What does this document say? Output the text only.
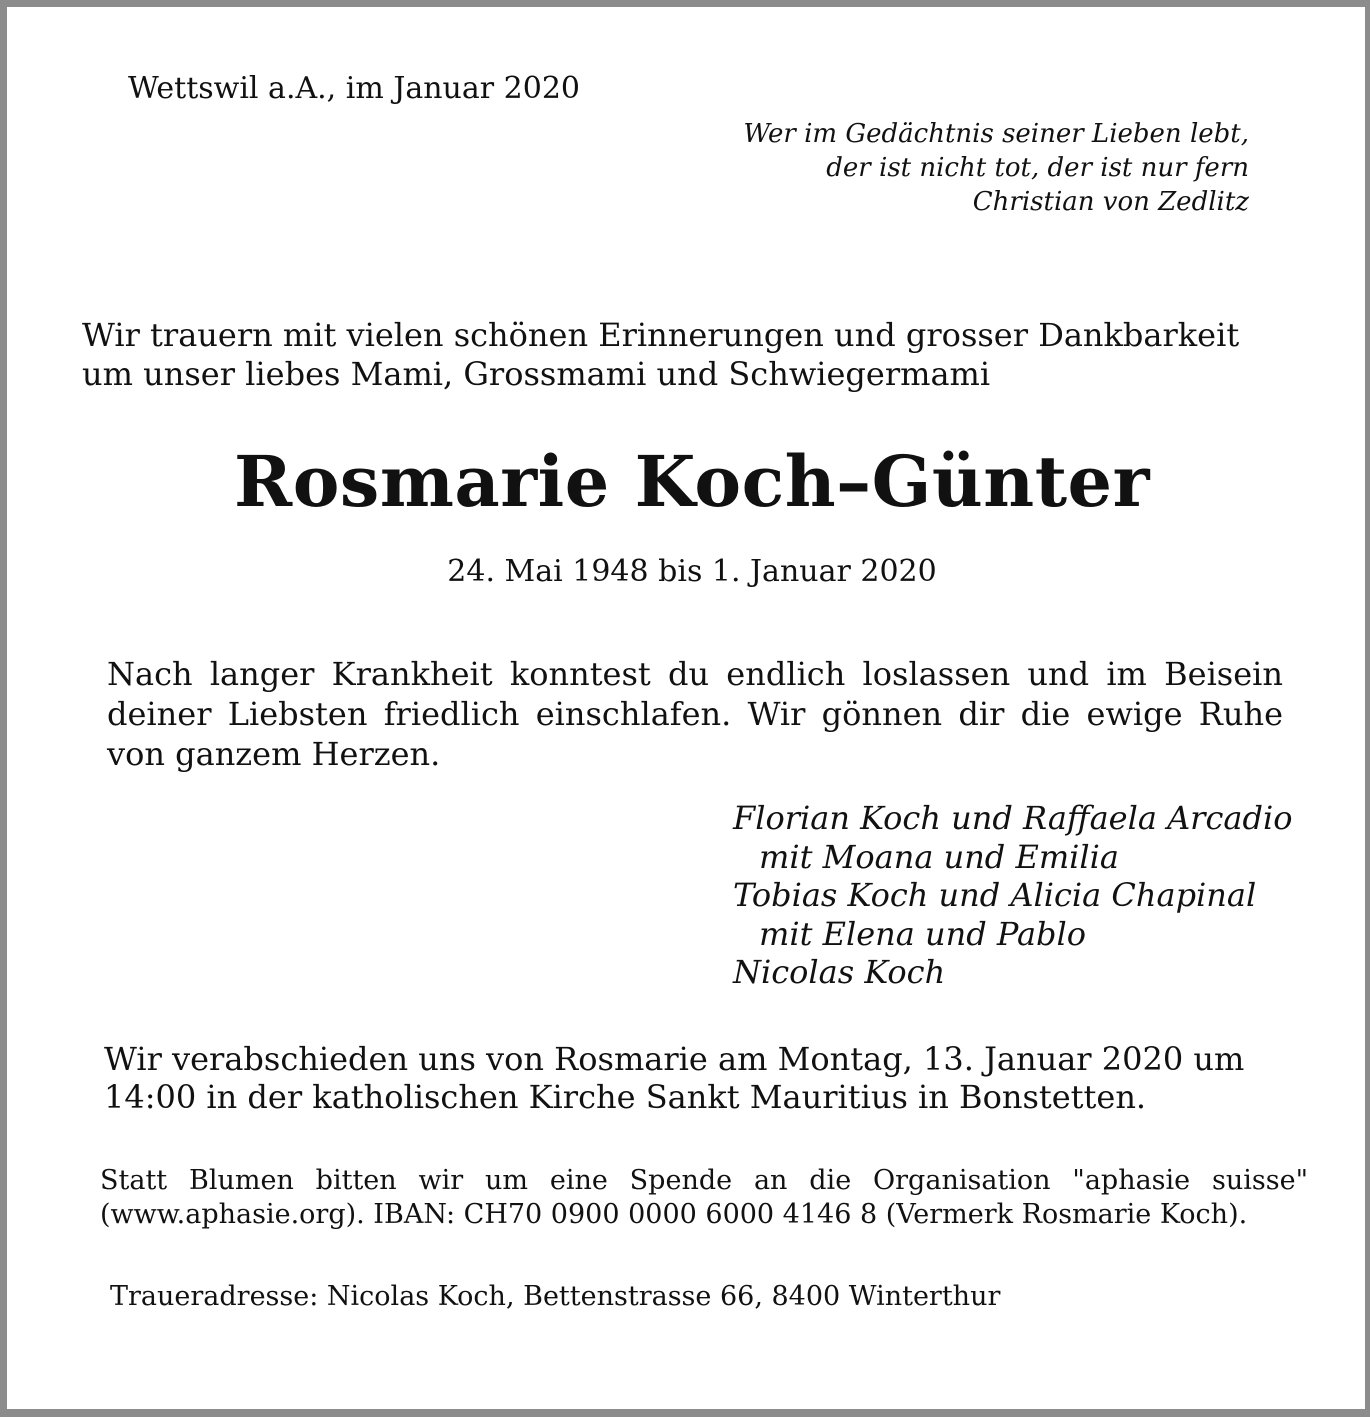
Wettswil a.A., im Januar 2020

Wer im Gedächtnis seiner Lieben lebt,
der ist nicht tot, der ist nur fern
Christian von Zedlitz
Wir trauern mit vielen schönen Erinnerungen und grosser Dankbarkeit
um unser liebes Mami, Grossmami und Schwiegermami
Rosmarie Koch–Günter

24. Mai 1948 bis 1. Januar 2020

Nach langer Krankheit konntest du endlich loslassen und im Beisein
deiner Liebsten friedlich einschlafen. Wir gönnen dir die ewige Ruhe
von ganzem Herzen.
Florian Koch und Raffaela Arcadio
mit Moana und Emilia
Tobias Koch und Alicia Chapinal
mit Elena und Pablo
Nicolas Koch
Wir verabschieden uns von Rosmarie am Montag, 13. Januar 2020 um
14:00 in der katholischen Kirche Sankt Mauritius in Bonstetten.
Statt Blumen bitten wir um eine Spende an die Organisation "aphasie suisse"
(www.aphasie.org). IBAN: CH70 0900 0000 6000 4146 8 (Vermerk Rosmarie Koch).

Traueradresse: Nicolas Koch, Bettenstrasse 66, 8400 Winterthur
